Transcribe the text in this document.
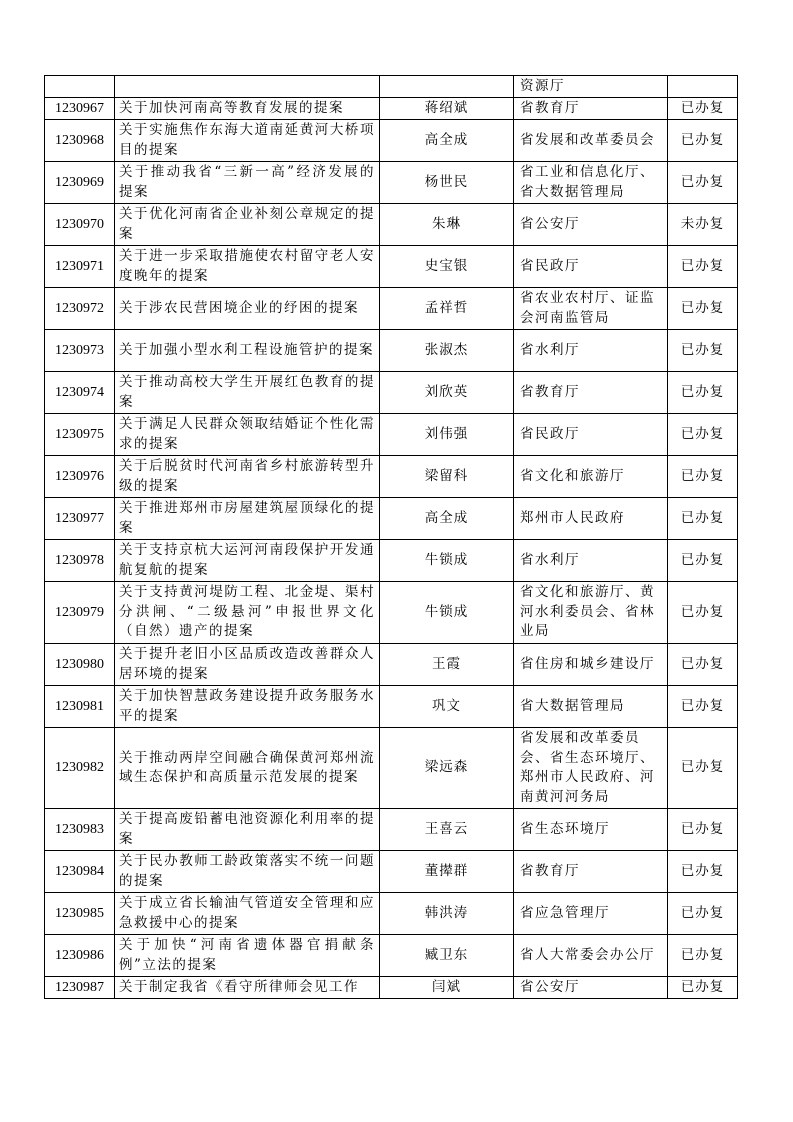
			资源厅	
1230967	关于加快河南高等教育发展的提案	蒋绍斌	省教育厅	已办复
1230968	关于实施焦作东海大道南延黄河大桥项目的提案	高全成	省发展和改革委员会	已办复
1230969	关于推动我省“三新一高”经济发展的提案	杨世民	省工业和信息化厅、省大数据管理局	已办复
1230970	关于优化河南省企业补刻公章规定的提案	朱琳	省公安厅	未办复
1230971	关于进一步采取措施使农村留守老人安度晚年的提案	史宝银	省民政厅	已办复
1230972	关于涉农民营困境企业的纾困的提案	孟祥哲	省农业农村厅、证监会河南监管局	已办复
1230973	关于加强小型水利工程设施管护的提案	张淑杰	省水利厅	已办复
1230974	关于推动高校大学生开展红色教育的提案	刘欣英	省教育厅	已办复
1230975	关于满足人民群众领取结婚证个性化需求的提案	刘伟强	省民政厅	已办复
1230976	关于后脱贫时代河南省乡村旅游转型升级的提案	梁留科	省文化和旅游厅	已办复
1230977	关于推进郑州市房屋建筑屋顶绿化的提案	高全成	郑州市人民政府	已办复
1230978	关于支持京杭大运河河南段保护开发通航复航的提案	牛锁成	省水利厅	已办复
1230979	关于支持黄河堤防工程、北金堤、渠村分洪闸、“二级悬河”申报世界文化（自然）遗产的提案	牛锁成	省文化和旅游厅、黄河水利委员会、省林业局	已办复
1230980	关于提升老旧小区品质改造改善群众人居环境的提案	王霞	省住房和城乡建设厅	已办复
1230981	关于加快智慧政务建设提升政务服务水平的提案	巩文	省大数据管理局	已办复
1230982	关于推动两岸空间融合确保黄河郑州流域生态保护和高质量示范发展的提案	梁远森	省发展和改革委员会、省生态环境厅、郑州市人民政府、河南黄河河务局	已办复
1230983	关于提高废铅蓄电池资源化利用率的提案	王喜云	省生态环境厅	已办复
1230984	关于民办教师工龄政策落实不统一问题的提案	董撵群	省教育厅	已办复
1230985	关于成立省长输油气管道安全管理和应急救援中心的提案	韩洪涛	省应急管理厅	已办复
1230986	关于加快“河南省遗体器官捐献条例”立法的提案	臧卫东	省人大常委会办公厅	已办复
1230987	关于制定我省《看守所律师会见工作	闫斌	省公安厅	已办复
